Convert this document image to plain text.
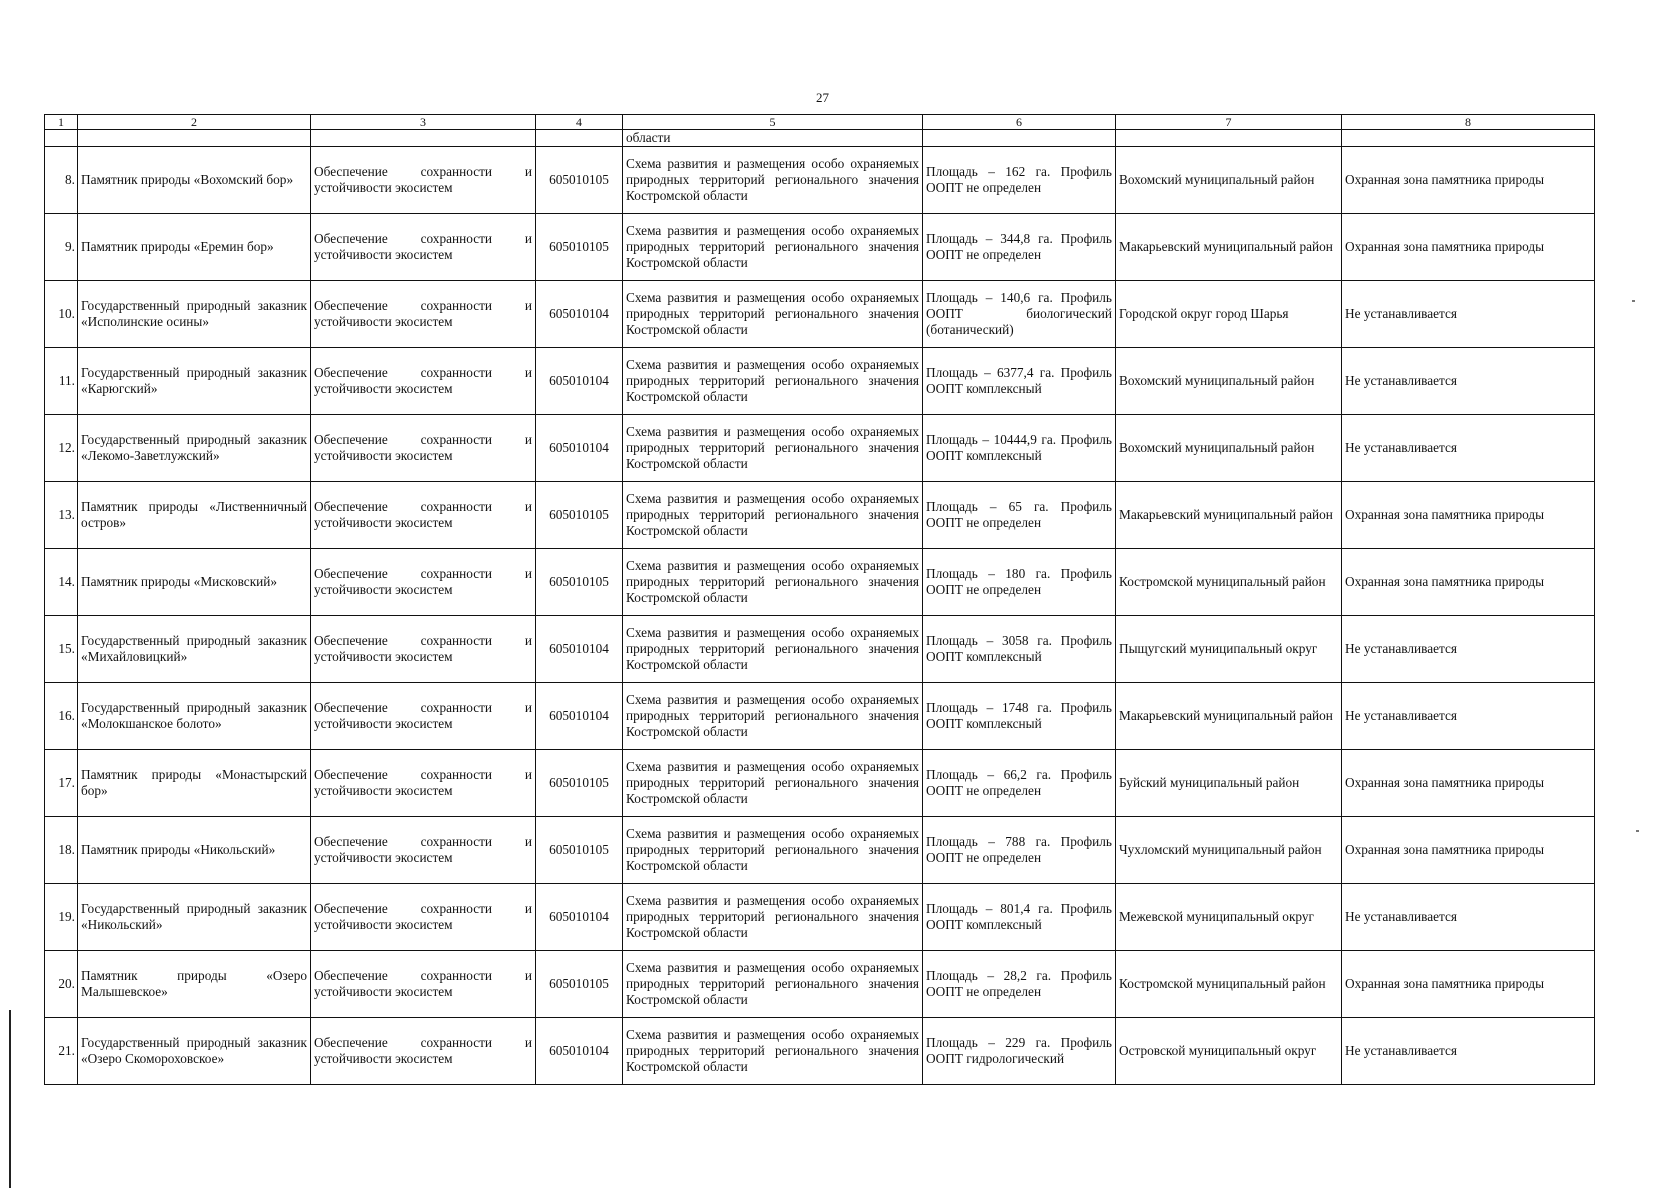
27
1	2	3	4	5	6	7	8
				области			
8.	Памятник природы «Вохомский бор»	Обеспечение сохранности и устойчивости экосистем	605010105	Схема развития и размещения особо охраняемых природных территорий регионального значения Костромской области	Площадь – 162 га. Профиль ООПТ не определен	Вохомский муниципальный район	Охранная зона памятника природы
9.	Памятник природы «Еремин бор»	Обеспечение сохранности и устойчивости экосистем	605010105	Схема развития и размещения особо охраняемых природных территорий регионального значения Костромской области	Площадь – 344,8 га. Профиль ООПТ не определен	Макарьевский муниципальный район	Охранная зона памятника природы
10.	Государственный природный заказник «Исполинские осины»	Обеспечение сохранности и устойчивости экосистем	605010104	Схема развития и размещения особо охраняемых природных территорий регионального значения Костромской области	Площадь – 140,6 га. Профиль ООПТ биологический (ботанический)	Городской округ город Шарья	Не устанавливается
11.	Государственный природный заказник «Карюгский»	Обеспечение сохранности и устойчивости экосистем	605010104	Схема развития и размещения особо охраняемых природных территорий регионального значения Костромской области	Площадь – 6377,4 га. Профиль ООПТ комплексный	Вохомский муниципальный район	Не устанавливается
12.	Государственный природный заказник «Лекомо-Заветлужский»	Обеспечение сохранности и устойчивости экосистем	605010104	Схема развития и размещения особо охраняемых природных территорий регионального значения Костромской области	Площадь – 10444,9 га. Профиль ООПТ комплексный	Вохомский муниципальный район	Не устанавливается
13.	Памятник природы «Лиственничный остров»	Обеспечение сохранности и устойчивости экосистем	605010105	Схема развития и размещения особо охраняемых природных территорий регионального значения Костромской области	Площадь – 65 га. Профиль ООПТ не определен	Макарьевский муниципальный район	Охранная зона памятника природы
14.	Памятник природы «Мисковский»	Обеспечение сохранности и устойчивости экосистем	605010105	Схема развития и размещения особо охраняемых природных территорий регионального значения Костромской области	Площадь – 180 га. Профиль ООПТ не определен	Костромской муниципальный район	Охранная зона памятника природы
15.	Государственный природный заказник «Михайловицкий»	Обеспечение сохранности и устойчивости экосистем	605010104	Схема развития и размещения особо охраняемых природных территорий регионального значения Костромской области	Площадь – 3058 га. Профиль ООПТ комплексный	Пыщугский муниципальный округ	Не устанавливается
16.	Государственный природный заказник «Молокшанское болото»	Обеспечение сохранности и устойчивости экосистем	605010104	Схема развития и размещения особо охраняемых природных территорий регионального значения Костромской области	Площадь – 1748 га. Профиль ООПТ комплексный	Макарьевский муниципальный район	Не устанавливается
17.	Памятник природы «Монастырский бор»	Обеспечение сохранности и устойчивости экосистем	605010105	Схема развития и размещения особо охраняемых природных территорий регионального значения Костромской области	Площадь – 66,2 га. Профиль ООПТ не определен	Буйский муниципальный район	Охранная зона памятника природы
18.	Памятник природы «Никольский»	Обеспечение сохранности и устойчивости экосистем	605010105	Схема развития и размещения особо охраняемых природных территорий регионального значения Костромской области	Площадь – 788 га. Профиль ООПТ не определен	Чухломский муниципальный район	Охранная зона памятника природы
19.	Государственный природный заказник «Никольский»	Обеспечение сохранности и устойчивости экосистем	605010104	Схема развития и размещения особо охраняемых природных территорий регионального значения Костромской области	Площадь – 801,4 га. Профиль ООПТ комплексный	Межевской муниципальный округ	Не устанавливается
20.	Памятник природы «Озеро Малышевское»	Обеспечение сохранности и устойчивости экосистем	605010105	Схема развития и размещения особо охраняемых природных территорий регионального значения Костромской области	Площадь – 28,2 га. Профиль ООПТ не определен	Костромской муниципальный район	Охранная зона памятника природы
21.	Государственный природный заказник «Озеро Скомороховское»	Обеспечение сохранности и устойчивости экосистем	605010104	Схема развития и размещения особо охраняемых природных территорий регионального значения Костромской области	Площадь – 229 га. Профиль ООПТ гидрологический	Островской муниципальный округ	Не устанавливается
